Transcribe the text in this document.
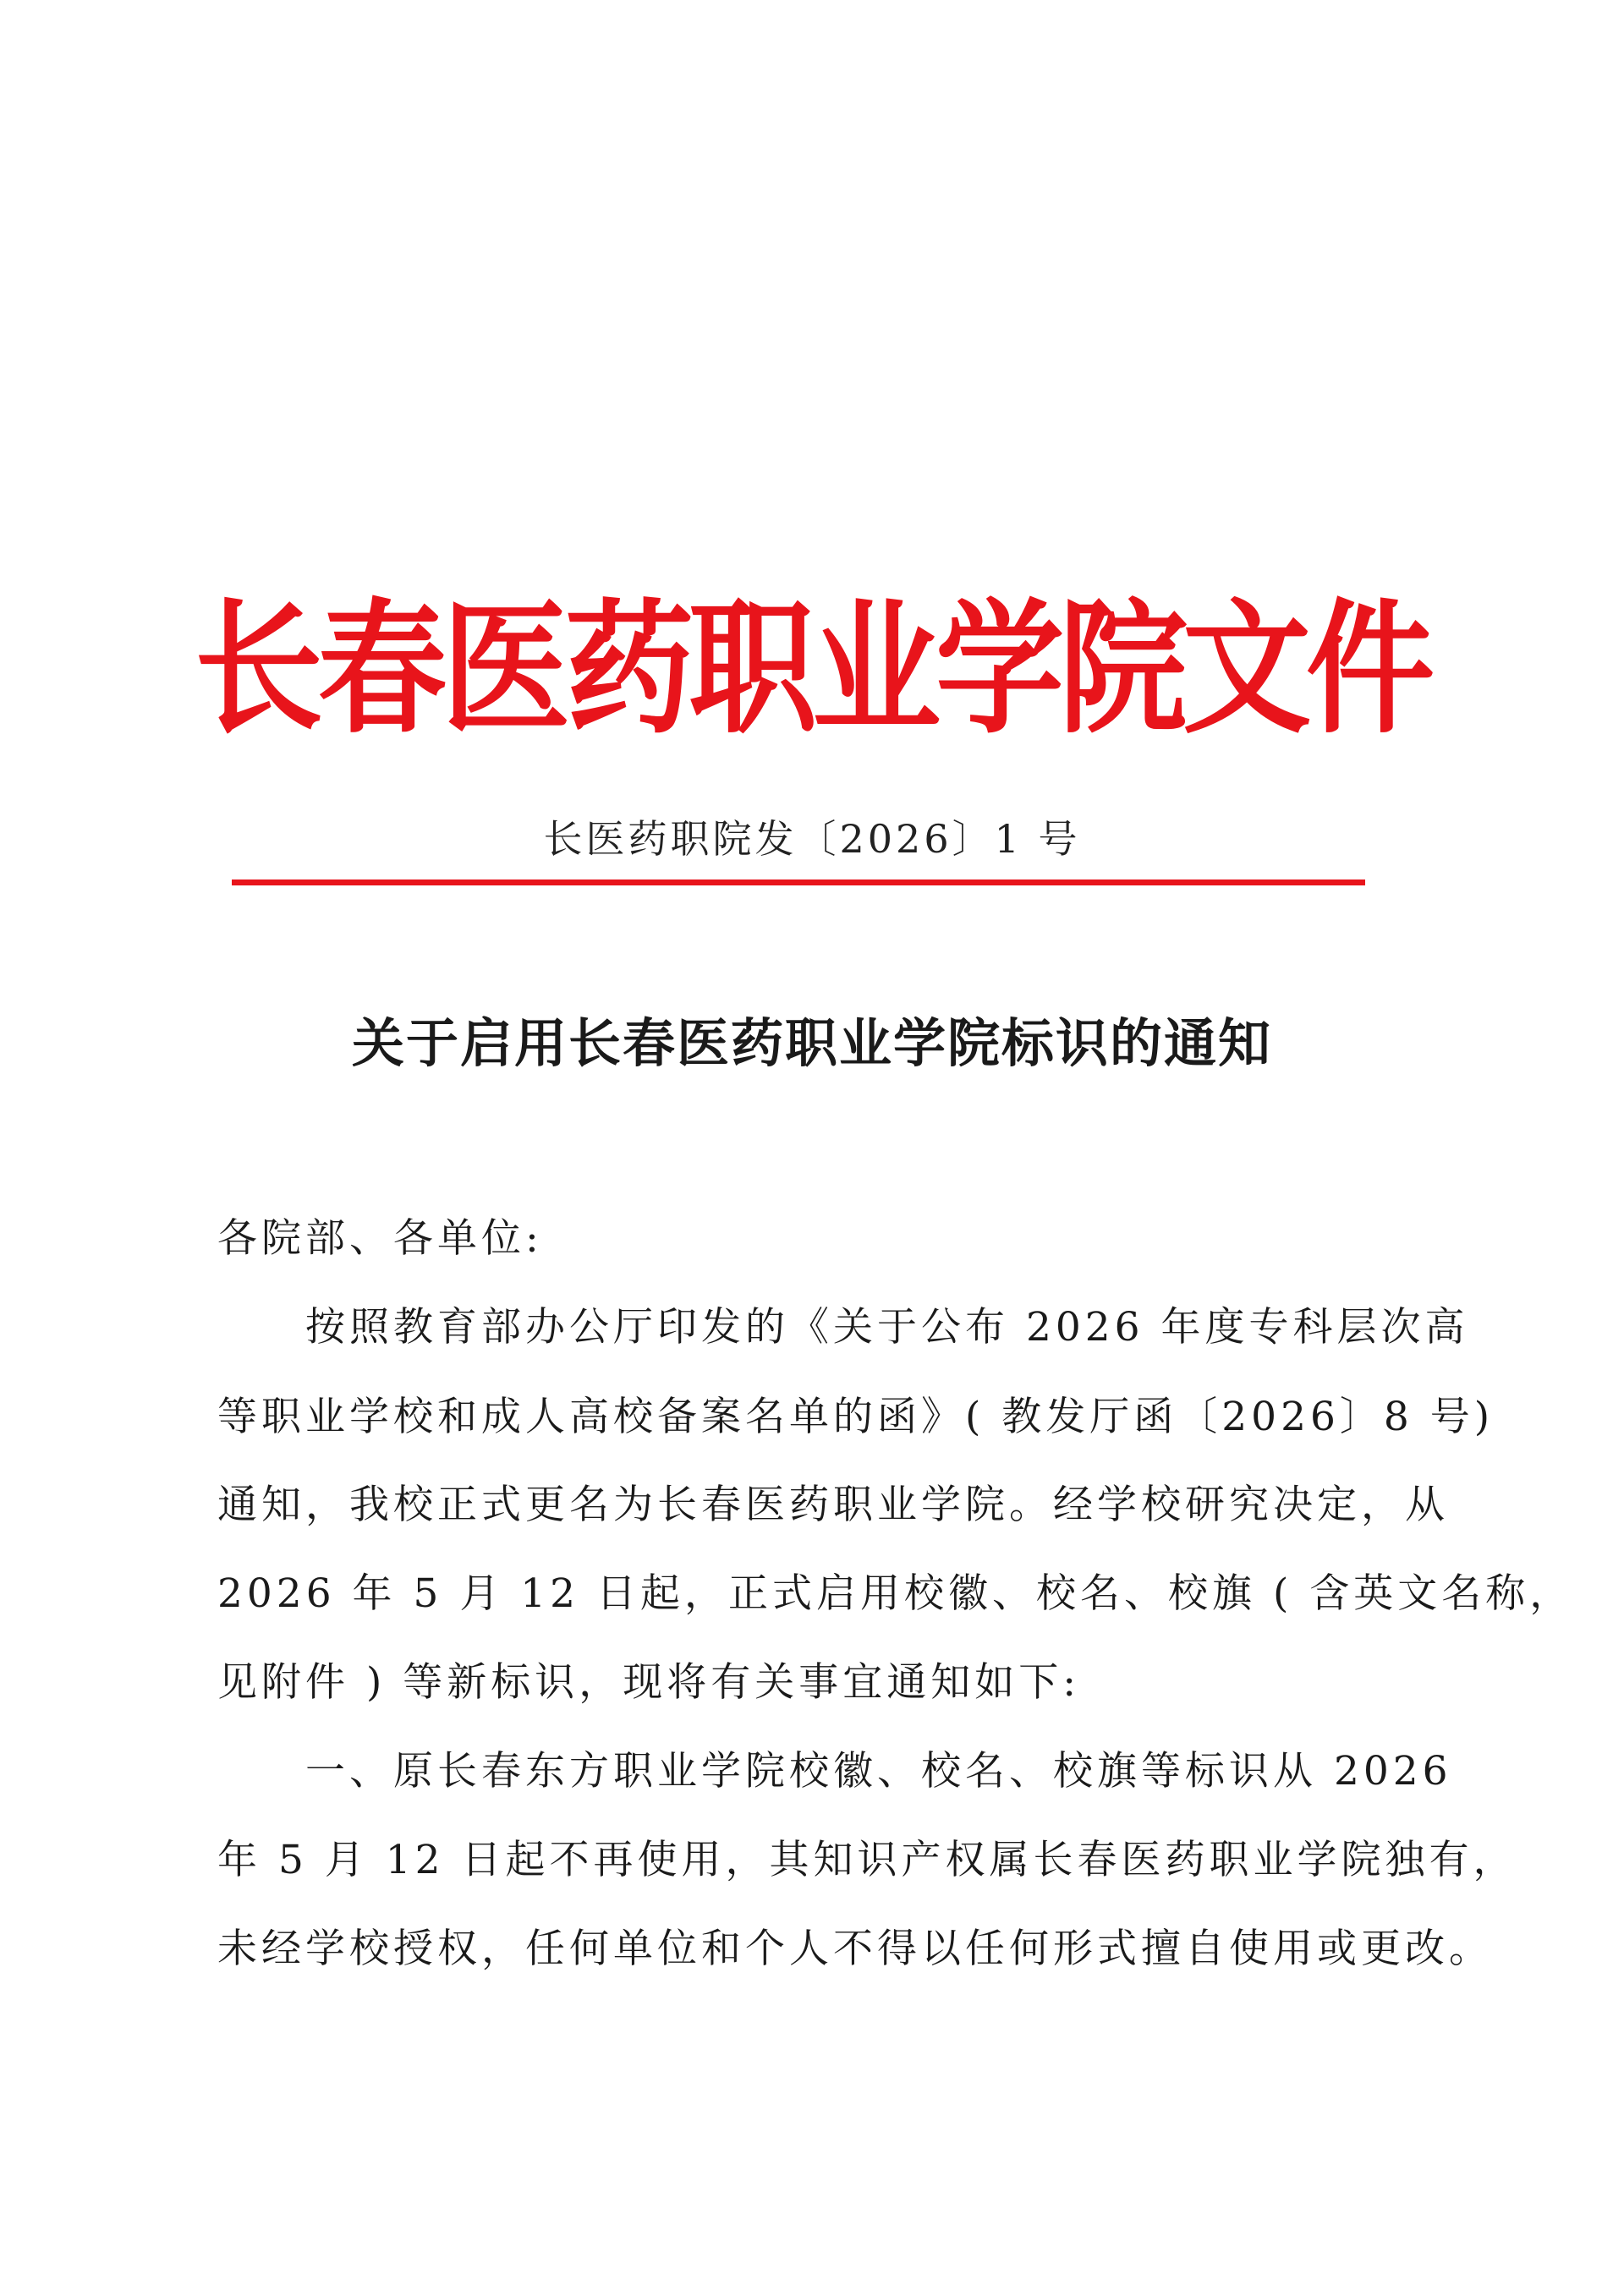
长春医药职业学院文件
长医药职院发〔2026〕1 号
关于启用长春医药职业学院标识的通知
各院部、各单位:
按照教育部办公厅印发的《关于公布 2026 年度专科层次高
等职业学校和成人高校备案名单的函》( 教发厅函〔2026〕8 号)
通知，我校正式更名为长春医药职业学院。经学校研究决定，从
2026 年 5 月 12 日起，正式启用校徽、校名、校旗 ( 含英文名称，
见附件 ) 等新标识，现将有关事宜通知如下:
一、原长春东方职业学院校徽、校名、校旗等标识从 2026
年 5 月 12 日起不再使用，其知识产权属长春医药职业学院独有，
未经学校授权，任何单位和个人不得以任何形式擅自使用或更改。
